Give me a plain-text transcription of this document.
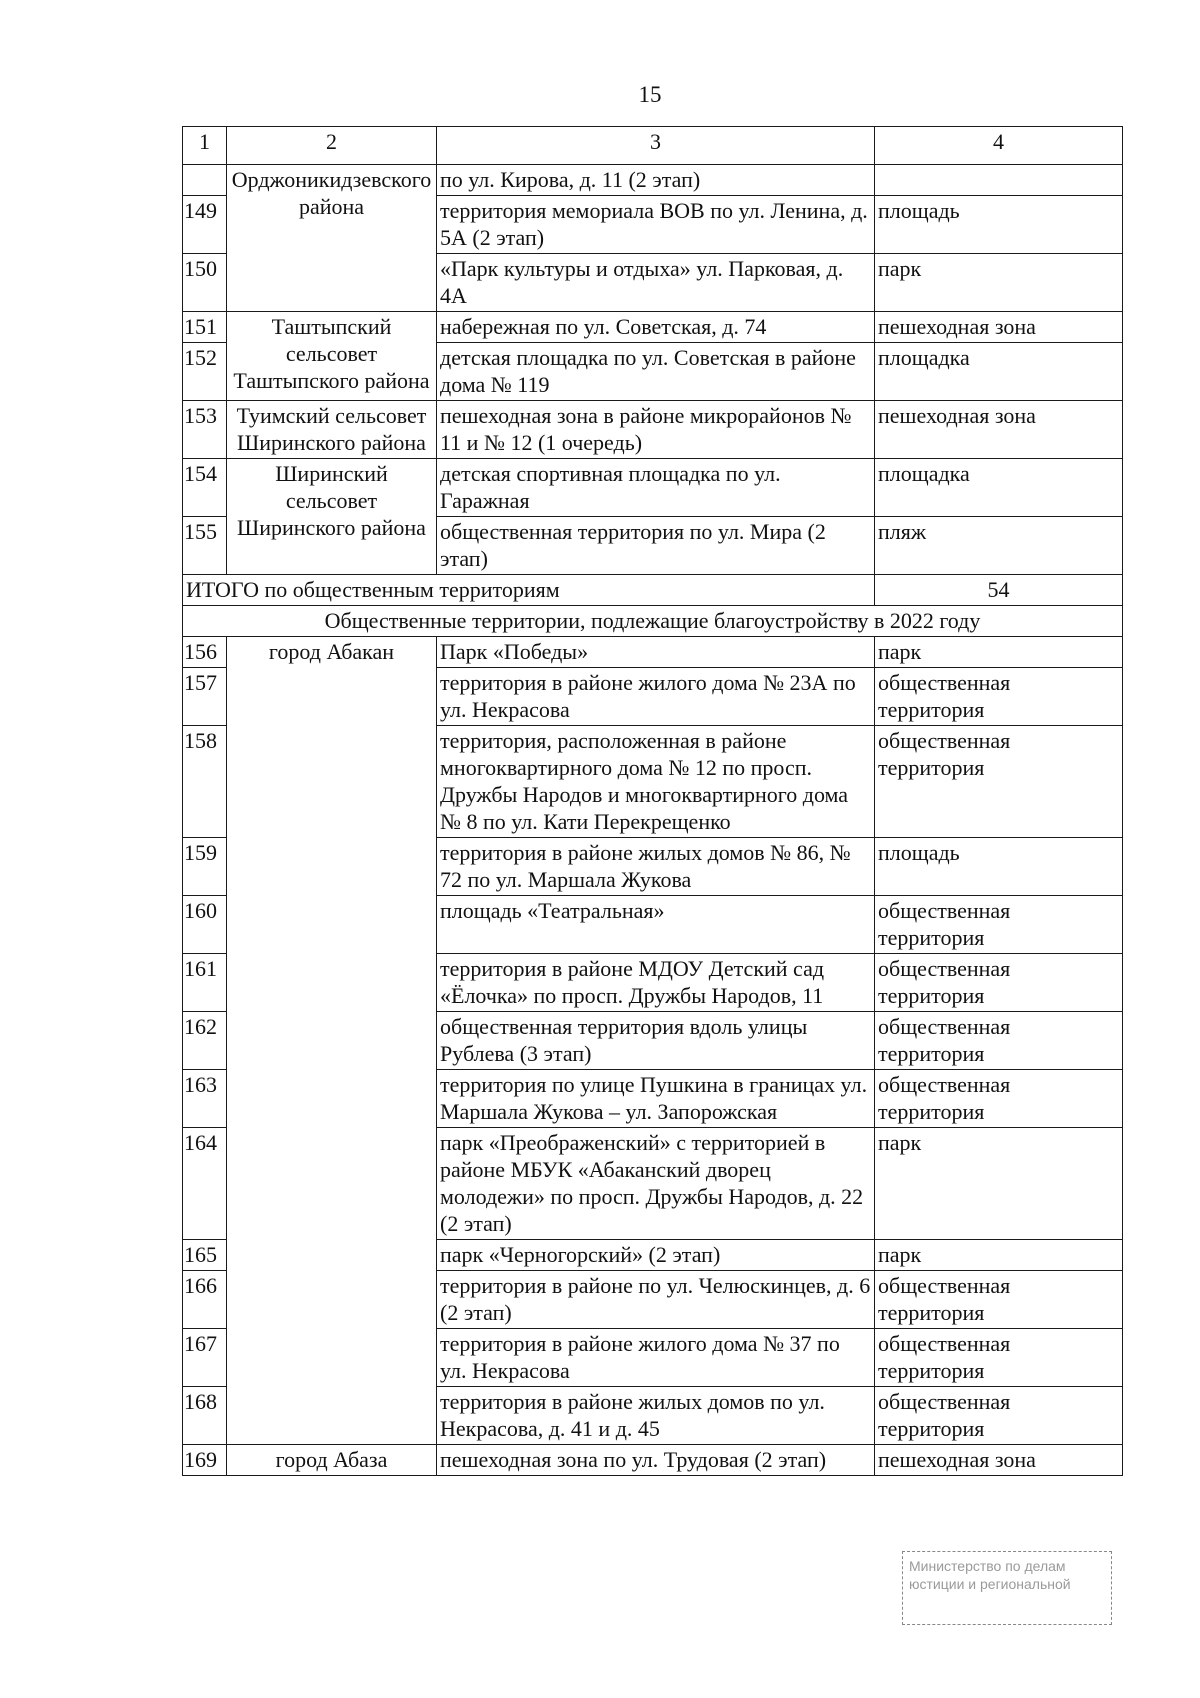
15
1	2	3	4
	Орджоникидзевского района	по ул. Кирова, д. 11 (2 этап)	
149		территория мемориала ВОВ по ул. Ленина, д. 5А (2 этап)	площадь
150		«Парк культуры и отдыха» ул. Парковая, д. 4А	парк
151	Таштыпский сельсовет Таштыпского района	набережная по ул. Советская, д. 74	пешеходная зона
152		детская площадка по ул. Советская в районе дома № 119	площадка
153	Туимский сельсовет Ширинского района	пешеходная зона в районе микрорайонов № 11 и № 12 (1 очередь)	пешеходная зона
154	Ширинский сельсовет Ширинского района	детская спортивная площадка по ул. Гаражная	площадка
155		общественная территория по ул. Мира (2 этап)	пляж
ИТОГО по общественным территориям			54
Общественные территории, подлежащие благоустройству в 2022 году			
156	город Абакан	Парк «Победы»	парк
157		территория в районе жилого дома № 23А по ул. Некрасова	общественная территория
158		территория, расположенная в районе многоквартирного дома № 12 по просп. Дружбы Народов и многоквартирного дома № 8 по ул. Кати Перекрещенко	общественная территория
159		территория в районе жилых домов № 86, № 72 по ул. Маршала Жукова	площадь
160		площадь «Театральная»	общественная территория
161		территория в районе МДОУ Детский сад «Ёлочка» по просп. Дружбы Народов, 11	общественная территория
162		общественная территория вдоль улицы Рублева (3 этап)	общественная территория
163		территория по улице Пушкина в границах ул. Маршала Жукова – ул. Запорожская	общественная территория
164		парк «Преображенский» с территорией в районе МБУК «Абаканский дворец молодежи» по просп. Дружбы Народов, д. 22 (2 этап)	парк
165		парк «Черногорский» (2 этап)	парк
166		территория в районе по ул. Челюскинцев, д. 6 (2 этап)	общественная территория
167		территория в районе жилого дома № 37 по ул. Некрасова	общественная территория
168		территория в районе жилых домов по ул. Некрасова, д. 41 и д. 45	общественная территория
169	город Абаза	пешеходная зона по ул. Трудовая (2 этап)	пешеходная зона
Министерство по делам
юстиции и региональной
